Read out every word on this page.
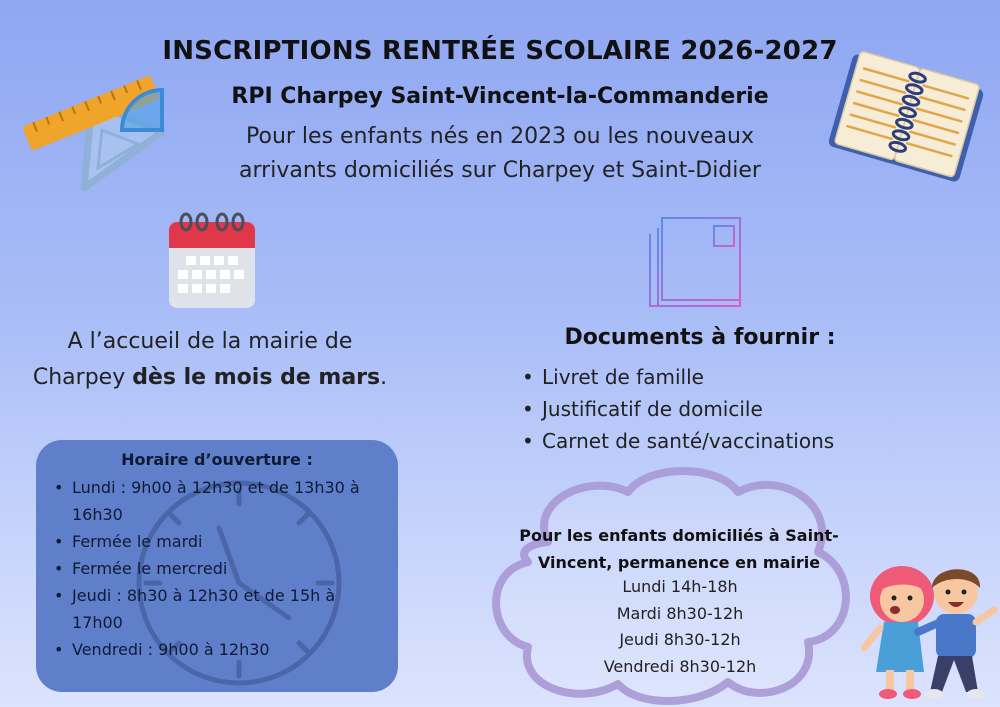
INSCRIPTIONS RENTRÉE SCOLAIRE 2026-2027
RPI Charpey Saint-Vincent-la-Commanderie
Pour les enfants nés en 2023 ou les nouveaux
arrivants domiciliés sur Charpey et Saint-Didier
A l’accueil de la mairie de
Charpey dès le mois de mars.
Documents à fournir :
• Livret de famille
• Justificatif de domicile
• Carnet de santé/vaccinations
Horaire d’ouverture :
• Lundi : 9h00 à 12h30 et de 13h30 à 16h30
• Fermée le mardi
• Fermée le mercredi
• Jeudi : 8h30 à 12h30 et de 15h à 17h00
• Vendredi : 9h00 à 12h30
Pour les enfants domiciliés à Saint-
Vincent, permanence en mairie
Lundi 14h-18h
Mardi 8h30-12h
Jeudi 8h30-12h
Vendredi 8h30-12h
